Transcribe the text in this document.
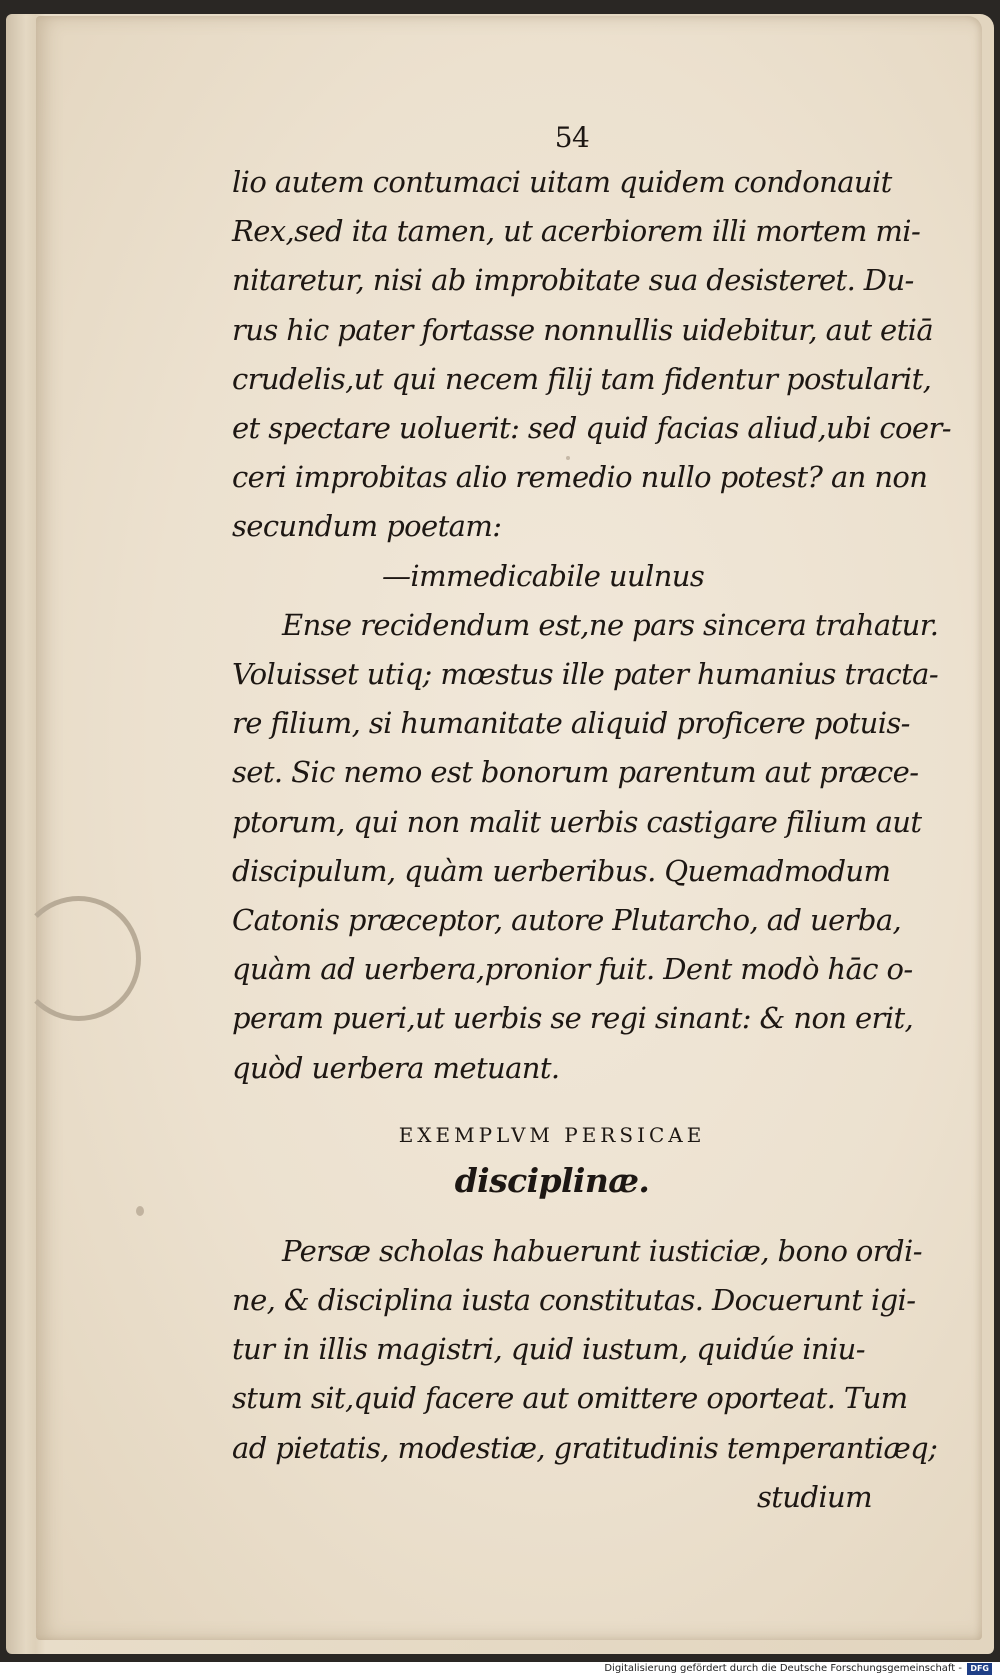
54
lio autem contumaci uitam quidem condonauit
Rex,sed ita tamen, ut acerbiorem illi mortem mi-
nitaretur, nisi ab improbitate sua desisteret. Du-
rus hic pater fortasse nonnullis uidebitur, aut etiā
crudelis,ut qui necem filij tam fidentur postularit,
et spectare uoluerit: sed quid facias aliud,ubi coer-
ceri improbitas alio remedio nullo potest? an non
secundum poetam:
—immedicabile uulnus
Ense recidendum est,ne pars sincera trahatur.
Voluisset utiq; mœstus ille pater humanius tracta-
re filium, si humanitate aliquid proficere potuis-
set. Sic nemo est bonorum parentum aut præce-
ptorum, qui non malit uerbis castigare filium aut
discipulum, quàm uerberibus. Quemadmodum
Catonis præceptor, autore Plutarcho, ad uerba,
quàm ad uerbera,pronior fuit. Dent modò hāc o-
peram pueri,ut uerbis se regi sinant: & non erit,
quòd uerbera metuant.
EXEMPLVM PERSICAE
disciplinæ.
Persæ scholas habuerunt iusticiæ, bono ordi-
ne, & disciplina iusta constitutas. Docuerunt igi-
tur in illis magistri, quid iustum, quidúe iniu-
stum sit,quid facere aut omittere oporteat. Tum
ad pietatis, modestiæ, gratitudinis temperantiæq;
studium
Digitalisierung gefördert durch die Deutsche Forschungsgemeinschaft -	DFG
